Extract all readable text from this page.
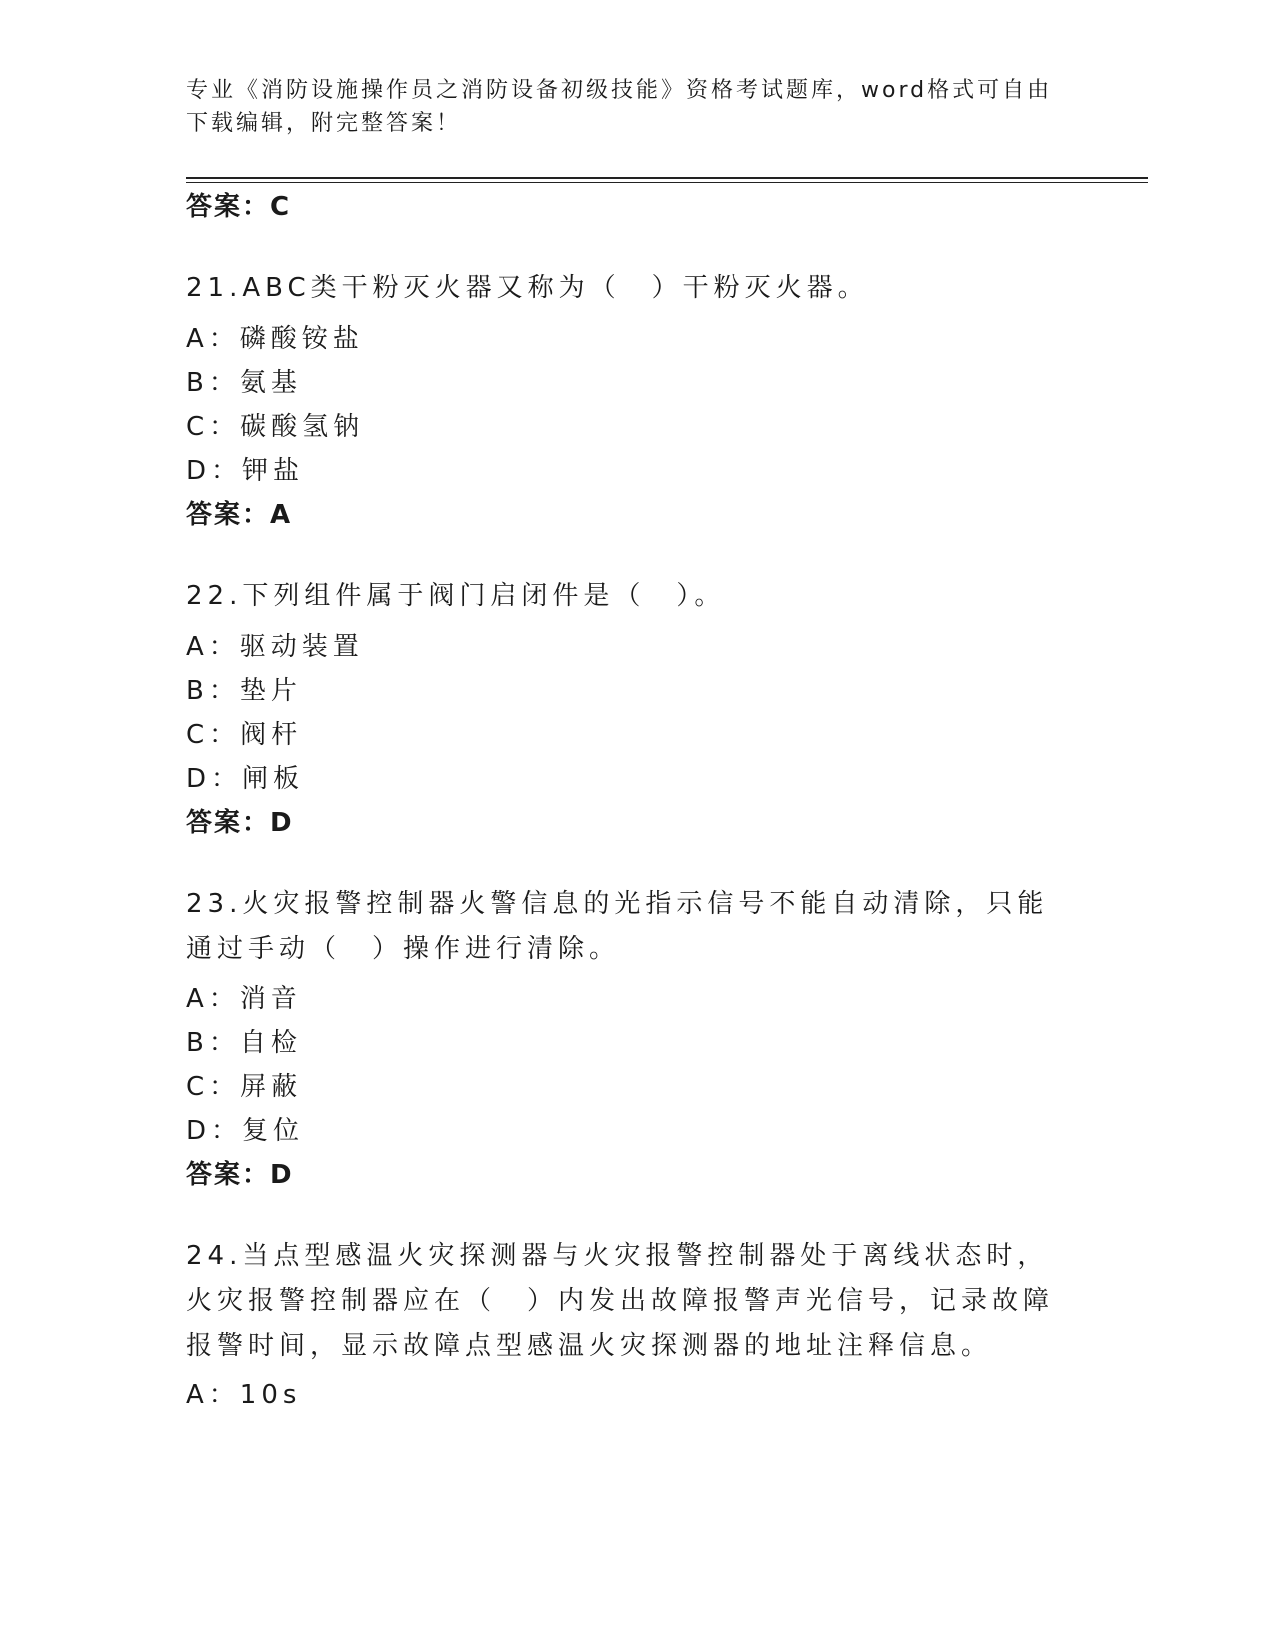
专业《消防设施操作员之消防设备初级技能》资格考试题库，word格式可自由下载编辑，附完整答案！
答案：C
21.ABC类干粉灭火器又称为（　）干粉灭火器。
A：磷酸铵盐
B：氨基
C：碳酸氢钠
D：钾盐
答案：A
22.下列组件属于阀门启闭件是（　）。
A：驱动装置
B：垫片
C：阀杆
D：闸板
答案：D
23.火灾报警控制器火警信息的光指示信号不能自动清除，只能通过手动（　）操作进行清除。
A：消音
B：自检
C：屏蔽
D：复位
答案：D
24.当点型感温火灾探测器与火灾报警控制器处于离线状态时，火灾报警控制器应在（　）内发出故障报警声光信号，记录故障报警时间，显示故障点型感温火灾探测器的地址注释信息。
A：10s
